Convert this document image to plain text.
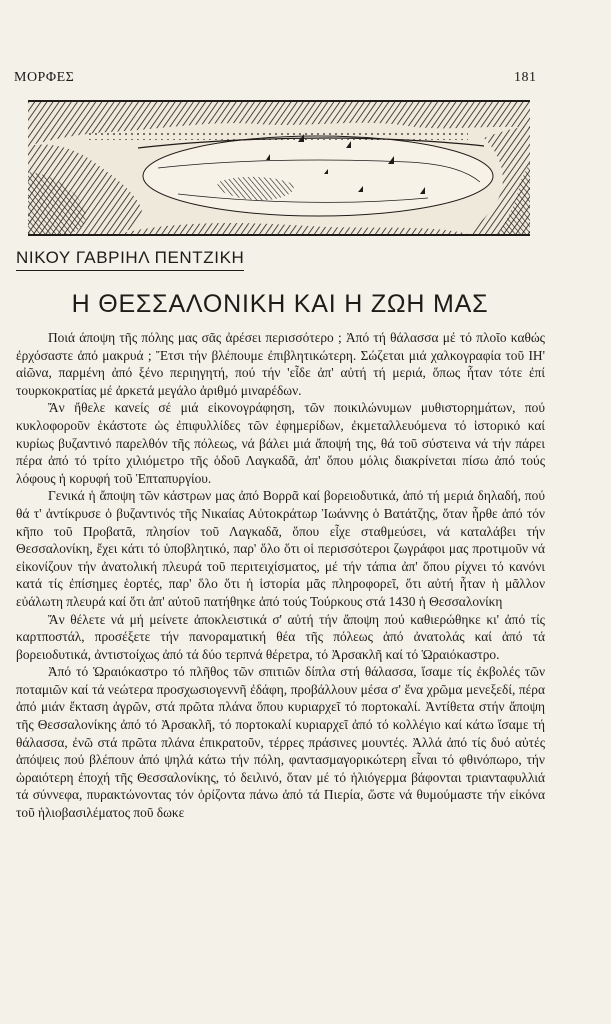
ΜΟΡΦΕΣ	181
ΝΙΚΟΥ ΓΑΒΡΙΗΛ ΠΕΝΤΖΙΚΗ
Η ΘΕΣΣΑΛΟΝΙΚΗ ΚΑΙ Η ΖΩΗ ΜΑΣ

Ποιά άποψη τῆς πόλης μας σᾶς ἀρέσει περισσότερο ; Ἀπό τή θάλασσα μέ τό πλοῖο καθώς ἐρχόσαστε ἀπό μακρυά ; Ἔτσι τήν βλέπουμε ἐπιβλητικώτερη. Σώζεται μιά χαλκογραφία τοῦ ΙΗ' αἰῶνα, παρμένη ἀπό ξένο περιηγητή, πού τήν 'εἶδε ἀπ' αὐτή τή μεριά, ὅπως ἦταν τότε ἐπί τουρκοκρατίας μέ ἀρκετά μεγάλο ἀριθμό μιναρέδων.

Ἄν ἤθελε κανείς σέ μιά εἰκονογράφηση, τῶν ποικιλώνυμων μυθιστορημάτων, πού κυκλοφοροῦν ἑκάστοτε ὡς ἐπιφυλλίδες τῶν ἐφημερίδων, ἐκμεταλλευόμενα τό ἱστορικό καί κυρίως βυζαντινό παρελθόν τῆς πόλεως, νά βάλει μιά ἄποψή της, θά τοῦ σύστεινα νά τήν πάρει πέρα ἀπό τό τρίτο χιλιόμετρο τῆς ὁδοῦ Λαγκαδᾶ, ἀπ' ὅπου μόλις διακρίνεται πίσω ἀπό τούς λόφους ἡ κορυφή τοῦ Ἑπταπυργίου.

Γενικά ἡ ἄποψη τῶν κάστρων μας ἀπό Βορρᾶ καί βορειοδυτικά, ἀπό τή μεριά δηλαδή, πού θά τ' ἀντίκρυσε ὁ βυζαντινός τῆς Νικαίας Αὐτοκράτωρ Ἰωάννης ὁ Βατάτζης, ὅταν ἦρθε ἀπό τόν κῆπο τοῦ Προβατᾶ, πλησίον τοῦ Λαγκαδᾶ, ὅπου εἶχε σταθμεύσει, νά καταλάβει τήν Θεσσαλονίκη, ἔχει κάτι τό ὑποβλητικό, παρ' ὅλο ὅτι οἱ περισσότεροι ζωγράφοι μας προτιμοῦν νά εἰκονίζουν τήν ἀνατολική πλευρά τοῦ περιτειχίσματος, μέ τήν τάπια ἀπ' ὅπου ρίχνει τό κανόνι κατά τίς ἐπίσημες ἑορτές, παρ' ὅλο ὅτι ἡ ἱστορία μᾶς πληροφορεῖ, ὅτι αὐτή ἦταν ἡ μᾶλλον εὐάλωτη πλευρά καί ὅτι ἀπ' αὐτοῦ πατήθηκε ἀπό τούς Τούρκους στά 1430 ἡ Θεσσαλονίκη

Ἄν θέλετε νά μή μείνετε ἀποκλειστικά σ' αὐτή τήν ἄποψη πού καθιερώθηκε κι' ἀπό τίς καρτποστάλ, προσέξετε τήν πανοραματική θέα τῆς πόλεως ἀπό ἀνατολάς καί ἀπό τά βορειοδυτικά, ἀντιστοίχως ἀπό τά δύο τερπνά θέρετρα, τό Ἀρσακλῆ καί τό Ὡραιόκαστρο.

Ἀπό τό Ὡραιόκαστρο τό πλῆθος τῶν σπιτιῶν δίπλα στή θάλασσα, ἴσαμε τίς ἐκβολές τῶν ποταμιῶν καί τά νεώτερα προσχωσιογεννῆ ἐδάφη, προβάλλουν μέσα σ' ἕνα χρῶμα μενεξεδί, πέρα ἀπό μιάν ἔκταση ἀγρῶν, στά πρῶτα πλάνα ὅπου κυριαρχεῖ τό πορτοκαλί. Ἀντίθετα στήν ἄποψη τῆς Θεσσαλονίκης ἀπό τό Ἀρσακλῆ, τό πορτοκαλί κυριαρχεῖ ἀπό τό κολλέγιο καί κάτω ἴσαμε τή θάλασσα, ἐνῶ στά πρῶτα πλάνα ἐπικρατοῦν, τέρρες πράσινες μουντές. Ἀλλά ἀπό τίς δυό αὐτές ἀπόψεις πού βλέπουν ἀπό ψηλά κάτω τήν πόλη, φαντασμαγορικώτερη εἶναι τό φθινόπωρο, τήν ὡραιότερη ἐποχή τῆς Θεσσαλονίκης, τό δειλινό, ὅταν μέ τό ἡλιόγερμα βάφονται τριανταφυλλιά τά σύννεφα, πυρακτώνοντας τόν ὁρίζοντα πάνω ἀπό τά Πιερία, ὥστε νά θυμούμαστε τήν εἰκόνα τοῦ ἡλιοβασιλέματος ποῦ δωκε
